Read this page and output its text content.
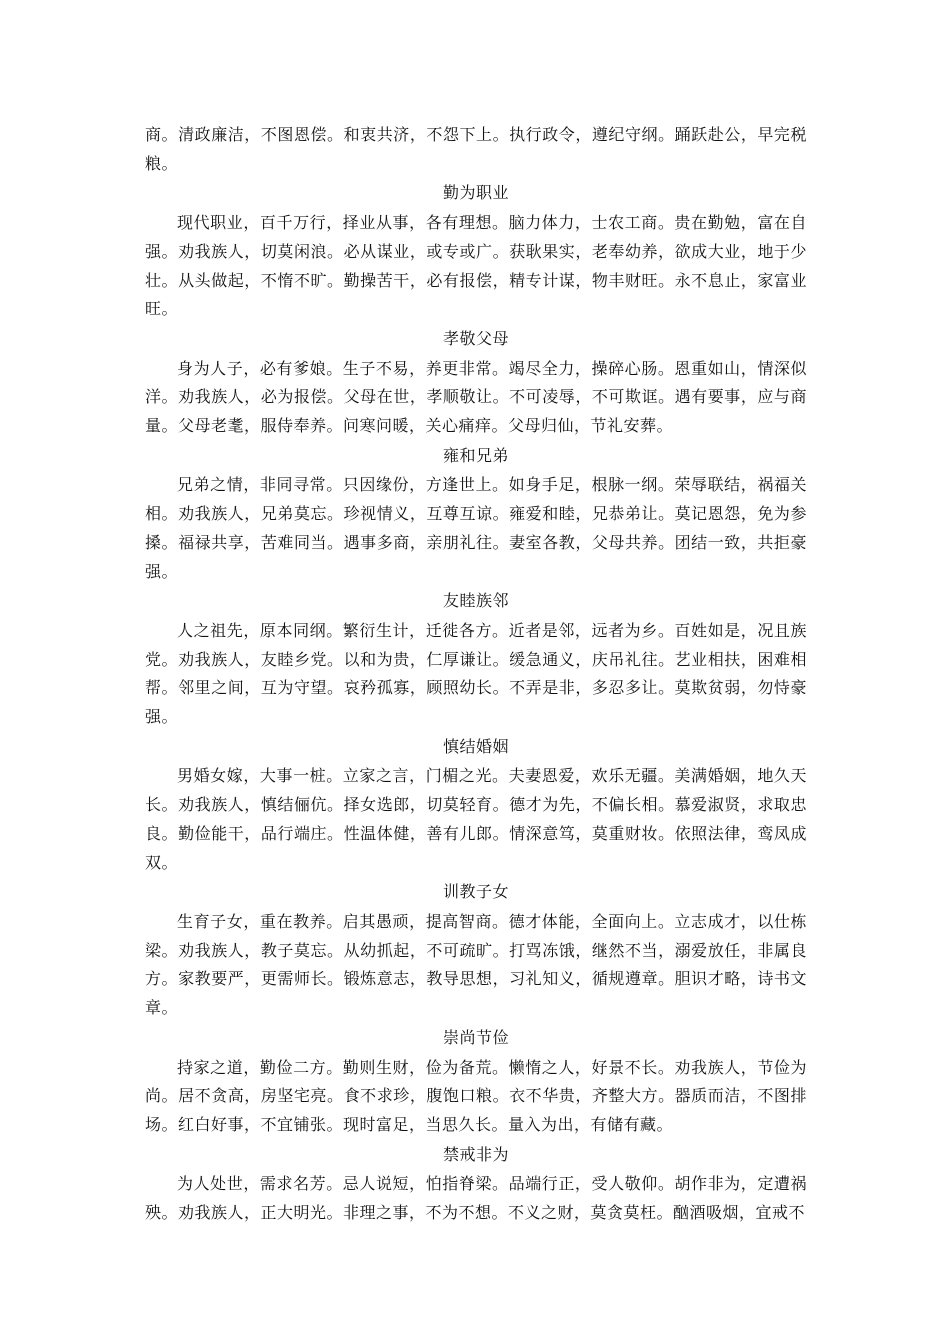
商。清政廉洁，不图恩偿。和衷共济，不怨下上。执行政令，遵纪守纲。踊跃赴公，早完税粮。

勤为职业

现代职业，百千万行，择业从事，各有理想。脑力体力，士农工商。贵在勤勉，富在自强。劝我族人，切莫闲浪。必从谋业，或专或广。获耿果实，老奉幼养，欲成大业，地于少壮。从头做起，不惰不旷。勤操苦干，必有报偿，精专计谋，物丰财旺。永不息止，家富业旺。

孝敬父母

身为人子，必有爹娘。生子不易，养更非常。竭尽全力，操碎心肠。恩重如山，情深似洋。劝我族人，必为报偿。父母在世，孝顺敬让。不可凌辱，不可欺诓。遇有要事，应与商量。父母老耄，服侍奉养。问寒问暖，关心痛痒。父母归仙，节礼安葬。

雍和兄弟

兄弟之情，非同寻常。只因缘份，方逢世上。如身手足，根脉一纲。荣辱联结，祸福关相。劝我族人，兄弟莫忘。珍视情义，互尊互谅。雍爱和睦，兄恭弟让。莫记恩怨，免为参搡。福禄共享，苦难同当。遇事多商，亲朋礼往。妻室各教，父母共养。团结一致，共拒豪强。

友睦族邻

人之祖先，原本同纲。繁衍生计，迁徙各方。近者是邻，远者为乡。百姓如是，况且族党。劝我族人，友睦乡党。以和为贵，仁厚谦让。缓急通义，庆吊礼往。艺业相扶，困难相帮。邻里之间，互为守望。哀矜孤寡，顾照幼长。不弄是非，多忍多让。莫欺贫弱，勿恃豪强。

慎结婚姻

男婚女嫁，大事一桩。立家之言，门楣之光。夫妻恩爱，欢乐无疆。美满婚姻，地久天长。劝我族人，慎结俪伉。择女选郎，切莫轻育。德才为先，不偏长相。慕爱淑贤，求取忠良。勤俭能干，品行端庄。性温体健，善有儿郎。情深意笃，莫重财妆。依照法律，鸾凤成双。

训教子女

生育子女，重在教养。启其愚顽，提高智商。德才体能，全面向上。立志成才，以仕栋梁。劝我族人，教子莫忘。从幼抓起，不可疏旷。打骂冻饿，继然不当，溺爱放任，非属良方。家教要严，更需师长。锻炼意志，教导思想，习礼知义，循规遵章。胆识才略，诗书文章。

崇尚节俭

持家之道，勤俭二方。勤则生财，俭为备荒。懒惰之人，好景不长。劝我族人，节俭为尚。居不贪高，房坚宅亮。食不求珍，腹饱口粮。衣不华贵，齐整大方。器质而洁，不图排场。红白好事，不宜铺张。现时富足，当思久长。量入为出，有储有藏。

禁戒非为

为人处世，需求名芳。忌人说短，怕指脊梁。品端行正，受人敬仰。胡作非为，定遭祸殃。劝我族人，正大明光。非理之事，不为不想。不义之财，莫贪莫枉。酗酒吸烟，宜戒不
